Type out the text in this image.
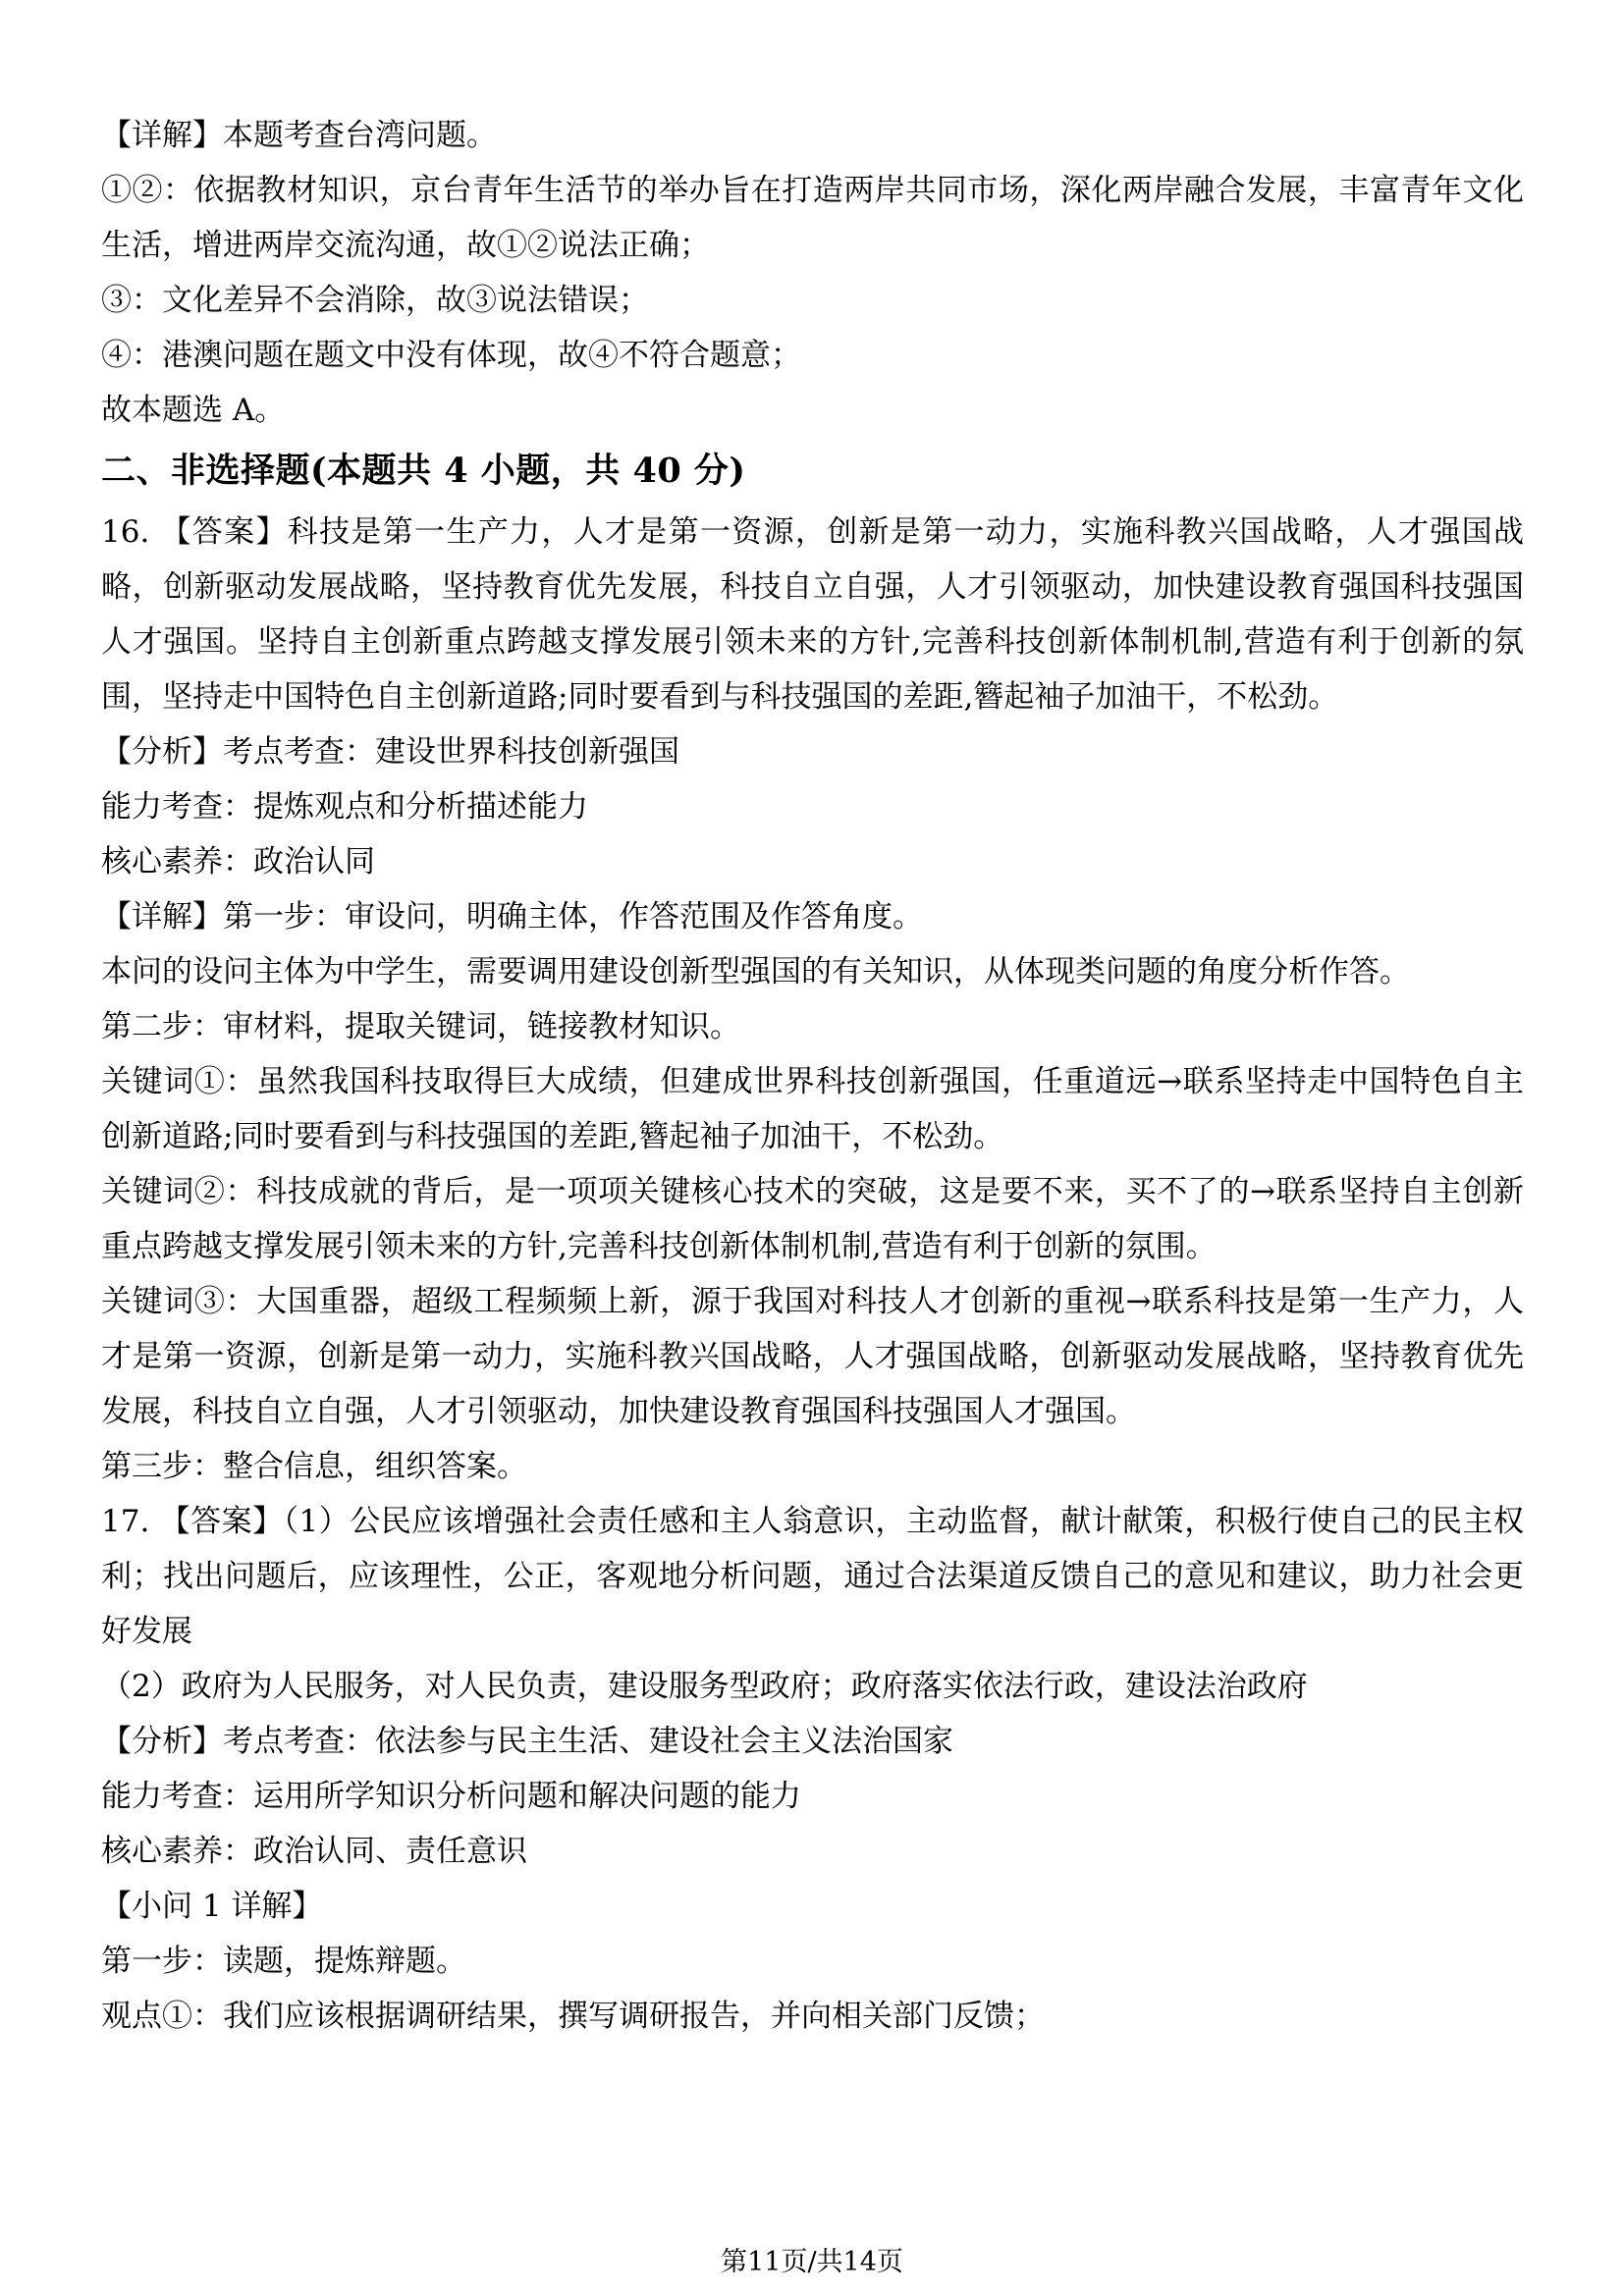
【详解】本题考查台湾问题。

①②：依据教材知识，京台青年生活节的举办旨在打造两岸共同市场，深化两岸融合发展，丰富青年文化生活，增进两岸交流沟通，故①②说法正确；

③：文化差异不会消除，故③说法错误；

④：港澳问题在题文中没有体现，故④不符合题意；

故本题选 A。

二、非选择题(本题共 4 小题，共 40 分)

16. 【答案】科技是第一生产力，人才是第一资源，创新是第一动力，实施科教兴国战略，人才强国战略，创新驱动发展战略，坚持教育优先发展，科技自立自强，人才引领驱动，加快建设教育强国科技强国人才强国。坚持自主创新重点跨越支撑发展引领未来的方针,完善科技创新体制机制,营造有利于创新的氛围，坚持走中国特色自主创新道路;同时要看到与科技强国的差距,簪起袖子加油干，不松劲。

【分析】考点考查：建设世界科技创新强国

能力考查：提炼观点和分析描述能力

核心素养：政治认同

【详解】第一步：审设问，明确主体，作答范围及作答角度。

本问的设问主体为中学生，需要调用建设创新型强国的有关知识，从体现类问题的角度分析作答。

第二步：审材料，提取关键词，链接教材知识。

关键词①：虽然我国科技取得巨大成绩，但建成世界科技创新强国，任重道远→联系坚持走中国特色自主创新道路;同时要看到与科技强国的差距,簪起袖子加油干，不松劲。

关键词②：科技成就的背后，是一项项关键核心技术的突破，这是要不来，买不了的→联系坚持自主创新重点跨越支撑发展引领未来的方针,完善科技创新体制机制,营造有利于创新的氛围。

关键词③：大国重器，超级工程频频上新，源于我国对科技人才创新的重视→联系科技是第一生产力，人才是第一资源，创新是第一动力，实施科教兴国战略，人才强国战略，创新驱动发展战略，坚持教育优先发展，科技自立自强，人才引领驱动，加快建设教育强国科技强国人才强国。

第三步：整合信息，组织答案。

17. 【答案】（1）公民应该增强社会责任感和主人翁意识，主动监督，献计献策，积极行使自己的民主权利；找出问题后，应该理性，公正，客观地分析问题，通过合法渠道反馈自己的意见和建议，助力社会更好发展

（2）政府为人民服务，对人民负责，建设服务型政府；政府落实依法行政，建设法治政府

【分析】考点考查：依法参与民主生活、建设社会主义法治国家

能力考查：运用所学知识分析问题和解决问题的能力

核心素养：政治认同、责任意识

【小问 1 详解】

第一步：读题，提炼辩题。

观点①：我们应该根据调研结果，撰写调研报告，并向相关部门反馈；

第11页/共14页
